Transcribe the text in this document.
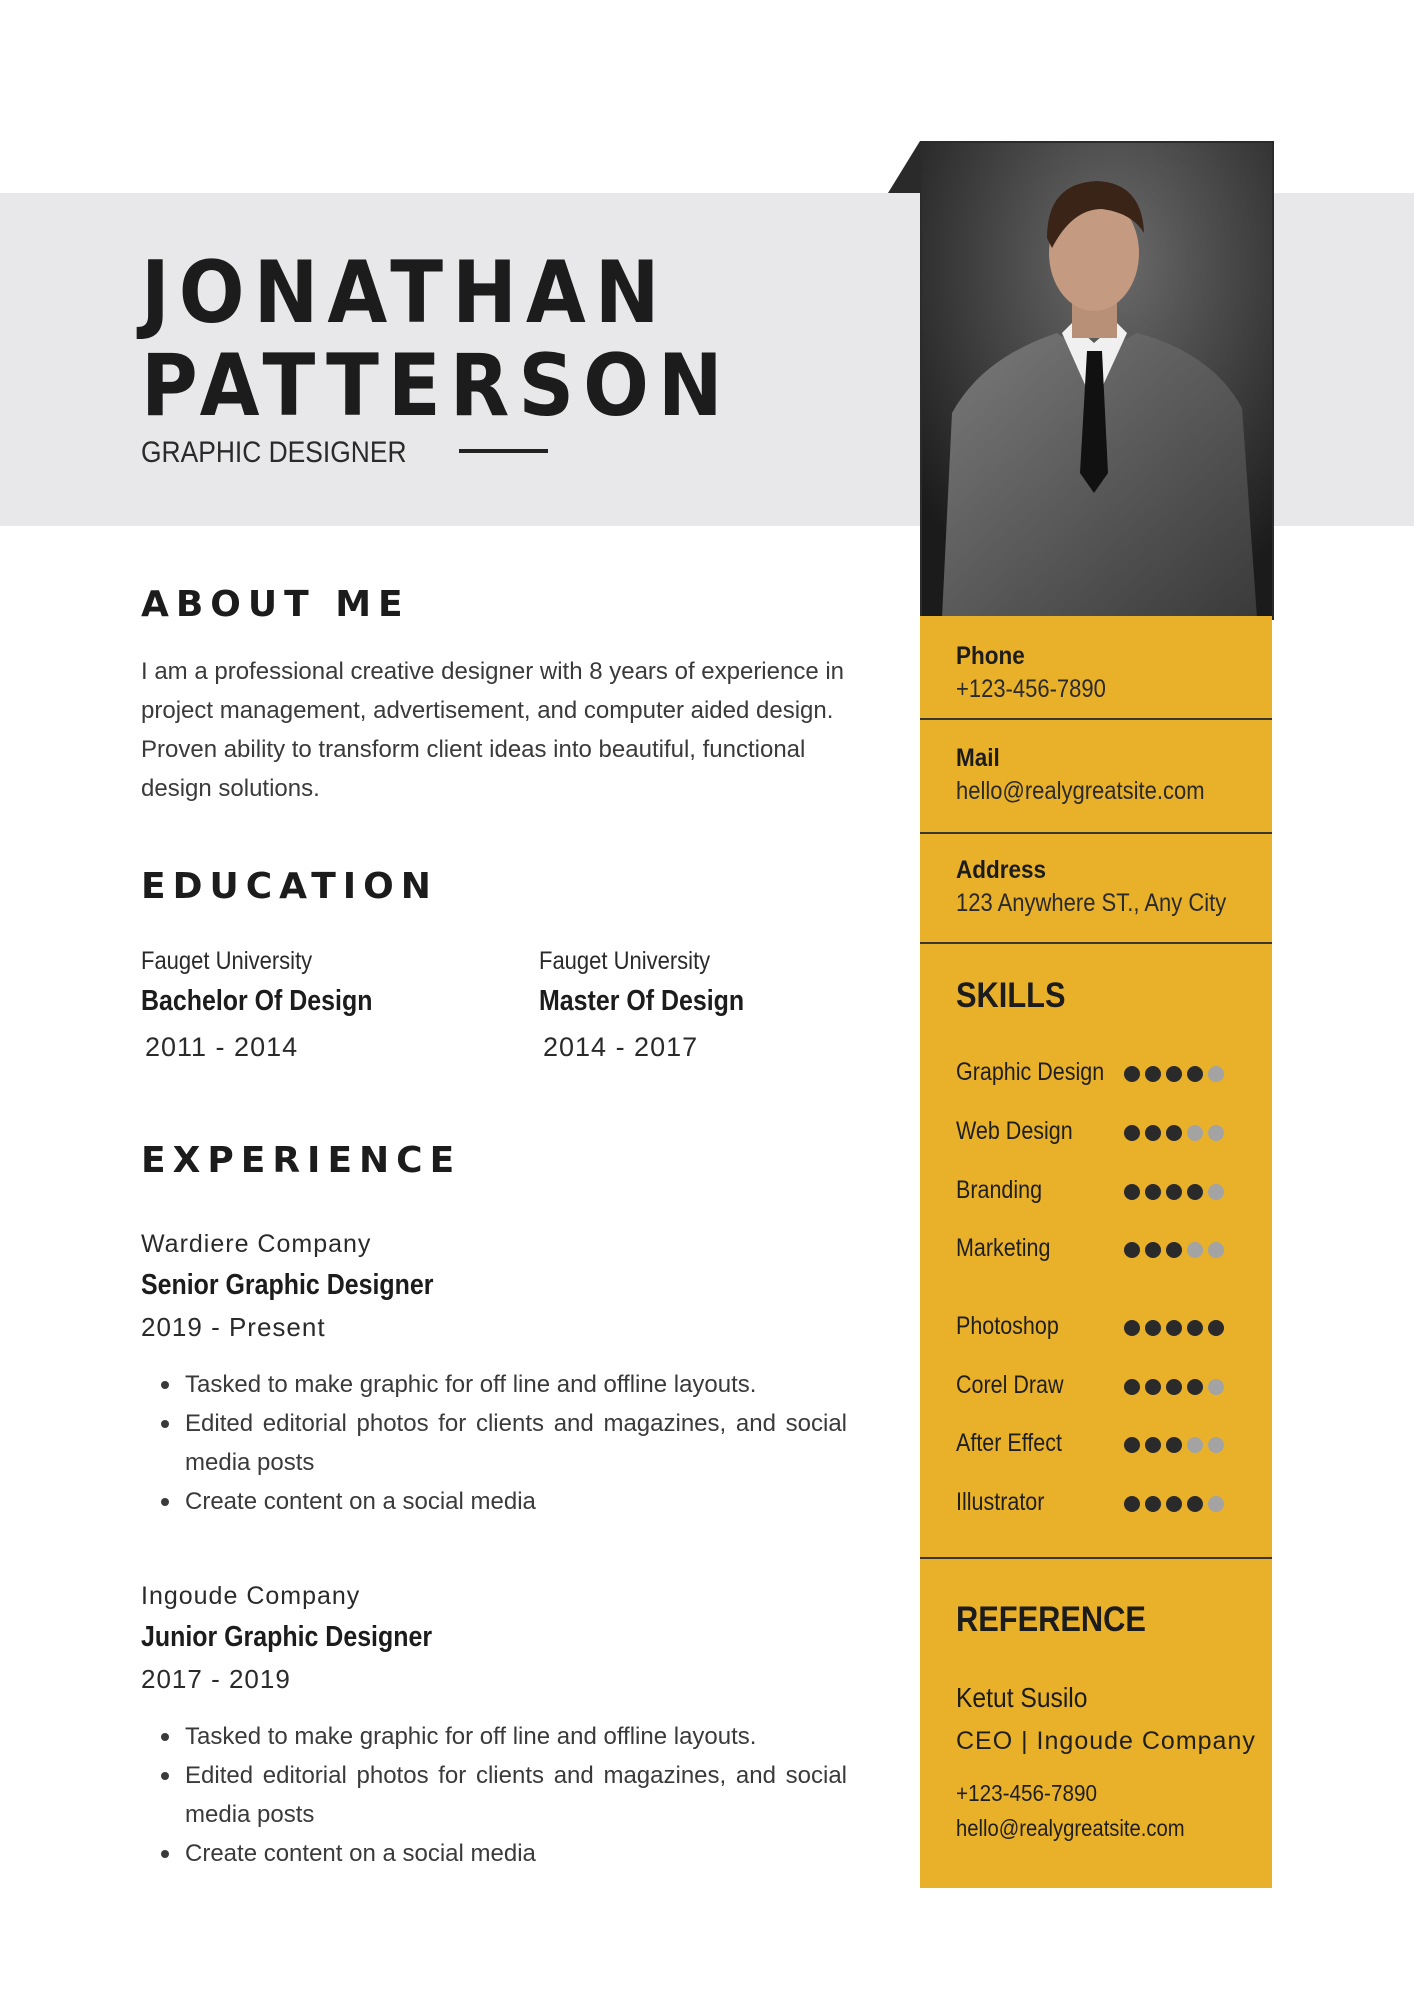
JONATHAN
PATTERSON
GRAPHIC DESIGNER
ABOUT ME
I am a professional creative designer with 8 years of experience in project management, advertisement, and computer aided design. Proven ability to transform client ideas into beautiful, functional design solutions.
EDUCATION
Fauget University
Bachelor Of Design
2011 - 2014
Fauget University
Master Of Design
2014 - 2017
EXPERIENCE
Wardiere Company
Senior Graphic Designer
2019 - Present
Tasked to make graphic for off line and offline layouts.
Edited editorial photos for clients and magazines, and social media posts
Create content on a social media
Ingoude Company
Junior Graphic Designer
2017 - 2019
Tasked to make graphic for off line and offline layouts.
Edited editorial photos for clients and magazines, and social media posts
Create content on a social media
Phone
+123-456-7890
Mail
hello@realygreatsite.com
Address
123 Anywhere ST., Any City
SKILLS
Graphic Design
Web Design
Branding
Marketing
Photoshop
Corel Draw
After Effect
Illustrator
REFERENCE
Ketut Susilo
CEO | Ingoude Company
+123-456-7890
hello@realygreatsite.com
